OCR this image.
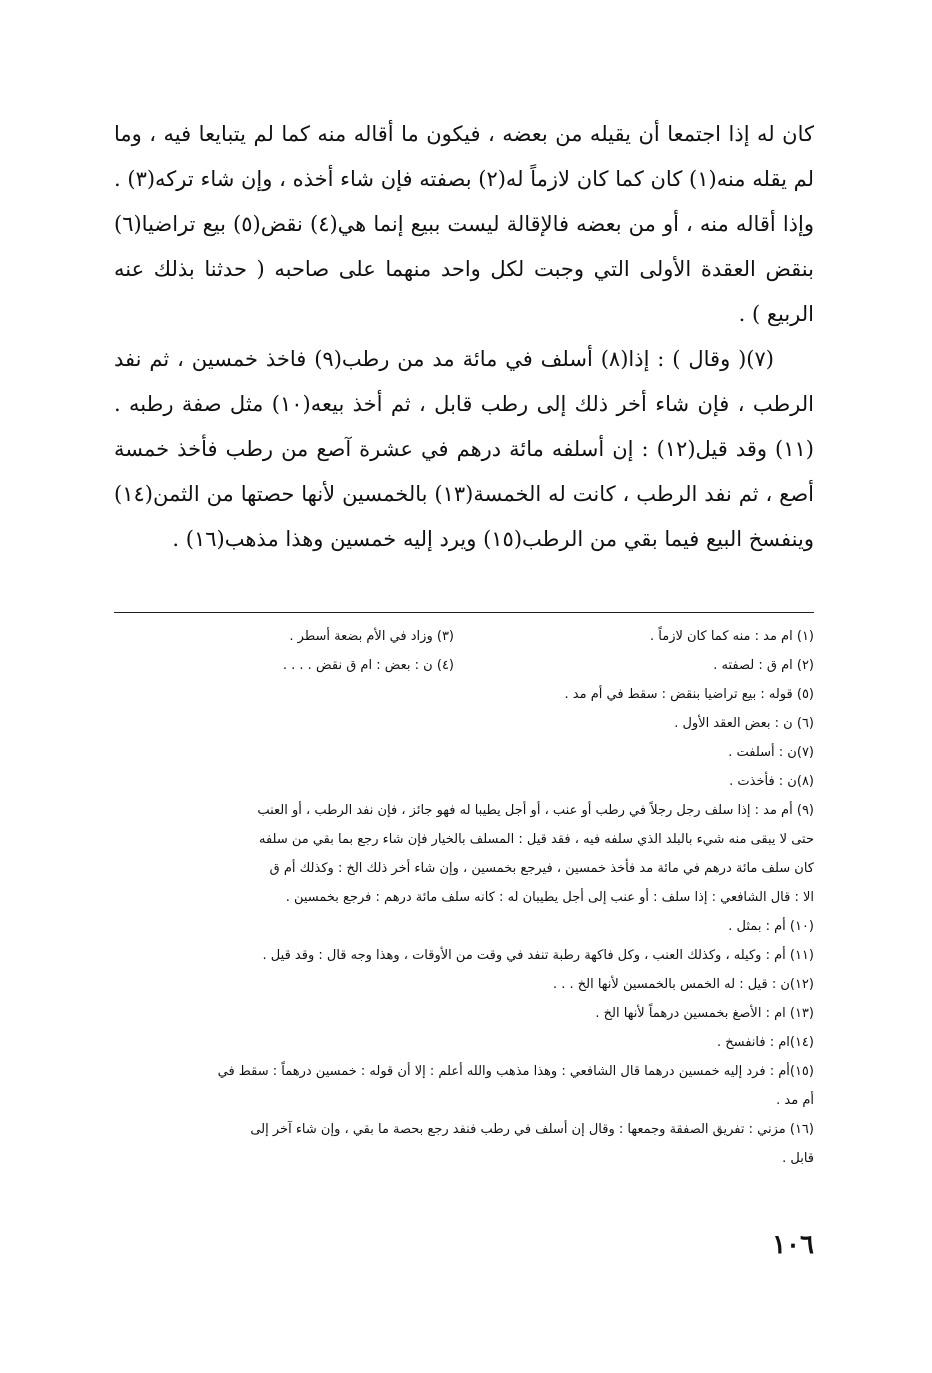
كان له إذا اجتمعا أن يقيله من بعضه ، فيكون ما أقاله منه كما لم يتبايعا فيه ، وما لم يقله منه(١) كان كما كان لازماً له(٢) بصفته فإن شاء أخذه ، وإن شاء تركه(٣) . وإذا أقاله منه ، أو من بعضه فالإقالة ليست ببيع إنما هي(٤) نقض(٥) بيع تراضيا(٦) بنقض العقدة الأولى التي وجبت لكل واحد منهما على صاحبه ( حدثنا بذلك عنه الربيع ) .

(٧)( وقال ) : إذا(٨) أسلف في مائة مد من رطب(٩) فاخذ خمسين ، ثم نفد الرطب ، فإن شاء أخر ذلك إلى رطب قابل ، ثم أخذ بيعه(١٠) مثل صفة رطبه .(١١) وقد قيل(١٢) : إن أسلفه مائة درهم في عشرة آصع من رطب فأخذ خمسة أصع ، ثم نفد الرطب ، كانت له الخمسة(١٣) بالخمسين لأنها حصتها من الثمن(١٤) وينفسخ البيع فيما بقي من الرطب(١٥) ويرد إليه خمسين وهذا مذهب(١٦) .

(١) ام مد : منه كما كان لازماً .
(٢) ام ق : لصفته .
(٣) وزاد في الأم بضعة أسطر .
(٤) ن : بعض : ام ق نقض . . . .
(٥) قوله : بيع تراضيا بنقض : سقط في أم مد .
(٦) ن : بعض العقد الأول .
(٧)ن : أسلفت .
(٨)ن : فأخذت .
(٩) أم مد : إذا سلف رجل رجلاً في رطب أو عنب ، أو أجل يطيبا له فهو جائز ، فإن نفد الرطب ، أو العنب
حتى لا يبقى منه شيء بالبلد الذي سلفه فيه ، فقد قيل : المسلف بالخيار فإن شاء رجع بما بقي من سلفه
كان سلف مائة درهم في مائة مد فأخذ خمسين ، فيرجع بخمسين ، وإن شاء أخر ذلك الخ : وكذلك أم ق
الا : قال الشافعي : إذا سلف : أو عنب إلى أجل يطيبان له : كانه سلف مائة درهم : فرجع بخمسين .
(١٠) أم : بمثل .
(١١) أم : وكيله ، وكذلك العنب ، وكل فاكهة رطبة تنفد في وقت من الأوقات ، وهذا وجه قال : وقد قيل .
(١٢)ن : قيل : له الخمس بالخمسين لأنها الخ . . .
(١٣) ام : الأصغ بخمسين درهماً لأنها الخ .
(١٤)ام : فانفسخ .
(١٥)أم : فرد إليه خمسين درهما قال الشافعي : وهذا مذهب والله أعلم : إلا أن قوله : خمسين درهماً : سقط في
أم مد .
(١٦) مزني : تفريق الصفقة وجمعها : وقال إن أسلف في رطب فنفد رجع بحصة ما بقي ، وإن شاء آخر إلى
قابل .
١٠٦
